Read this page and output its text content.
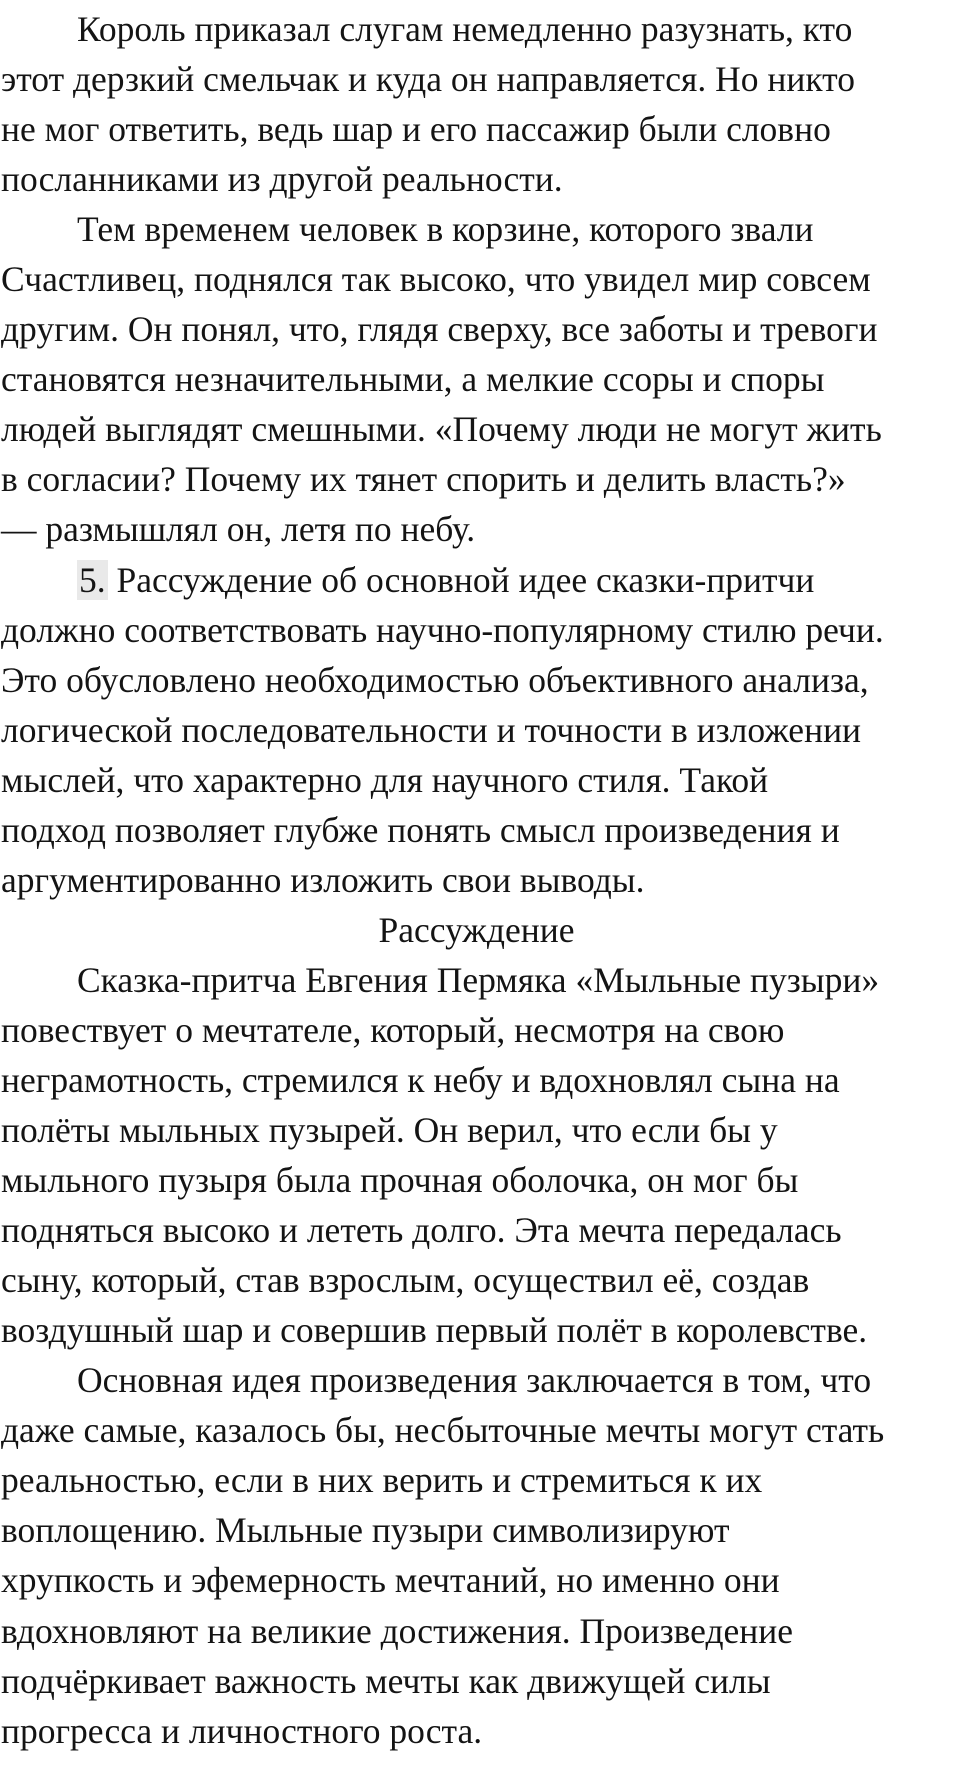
Король приказал слугам немедленно разузнать, кто
этот дерзкий смельчак и куда он направляется. Но никто
не мог ответить, ведь шар и его пассажир были словно
посланниками из другой реальности.
Тем временем человек в корзине, которого звали
Счастливец, поднялся так высоко, что увидел мир совсем
другим. Он понял, что, глядя сверху, все заботы и тревоги
становятся незначительными, а мелкие ссоры и споры
людей выглядят смешными. «Почему люди не могут жить
в согласии? Почему их тянет спорить и делить власть?»
— размышлял он, летя по небу.
5. Рассуждение об основной идее сказки-притчи
должно соответствовать научно-популярному стилю речи.
Это обусловлено необходимостью объективного анализа,
логической последовательности и точности в изложении
мыслей, что характерно для научного стиля. Такой
подход позволяет глубже понять смысл произведения и
аргументированно изложить свои выводы.
Рассуждение
Сказка-притча Евгения Пермяка «Мыльные пузыри»
повествует о мечтателе, который, несмотря на свою
неграмотность, стремился к небу и вдохновлял сына на
полёты мыльных пузырей. Он верил, что если бы у
мыльного пузыря была прочная оболочка, он мог бы
подняться высоко и лететь долго. Эта мечта передалась
сыну, который, став взрослым, осуществил её, создав
воздушный шар и совершив первый полёт в королевстве.
Основная идея произведения заключается в том, что
даже самые, казалось бы, несбыточные мечты могут стать
реальностью, если в них верить и стремиться к их
воплощению. Мыльные пузыри символизируют
хрупкость и эфемерность мечтаний, но именно они
вдохновляют на великие достижения. Произведение
подчёркивает важность мечты как движущей силы
прогресса и личностного роста.
